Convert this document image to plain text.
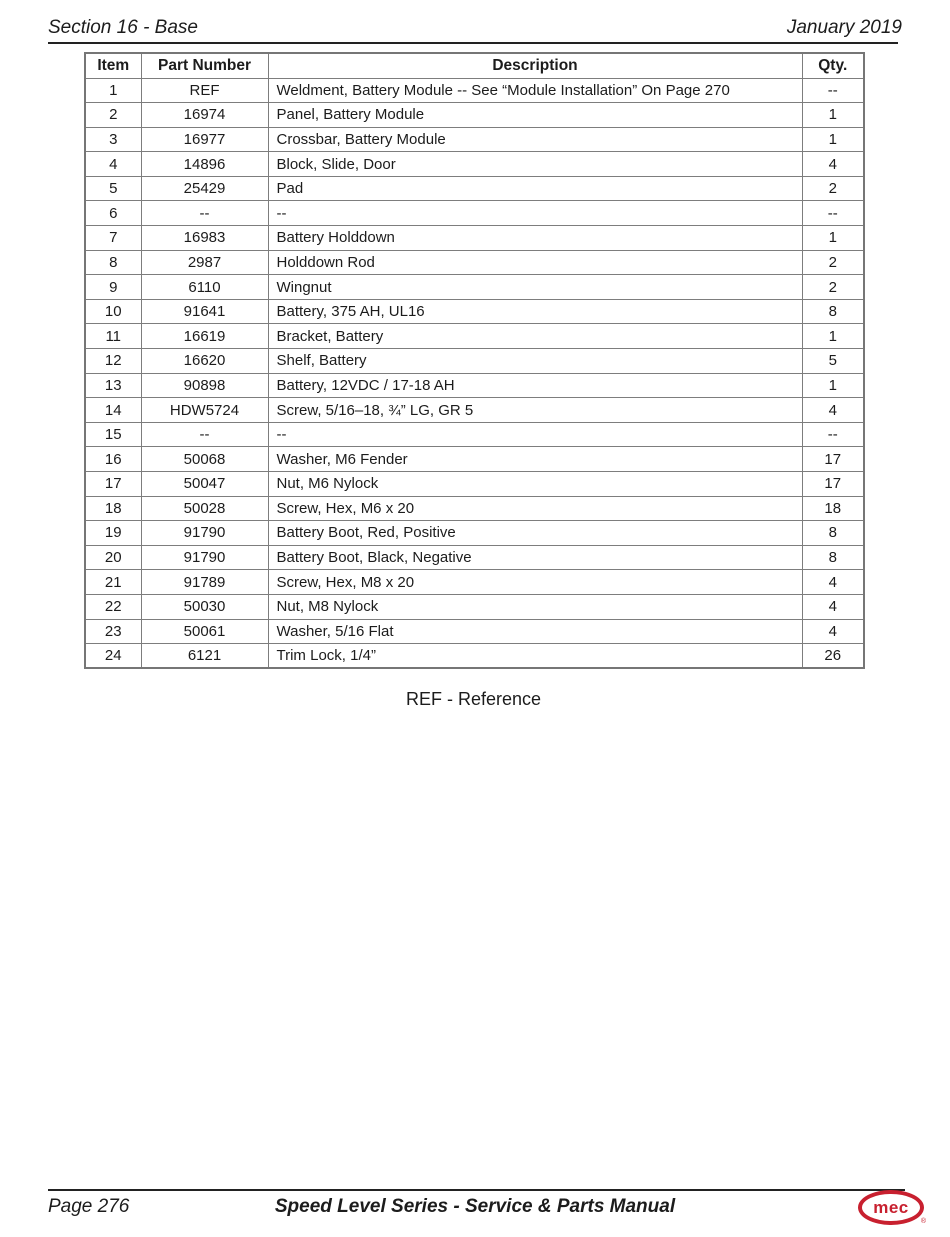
Section 16 - Base	January 2019
Item	Part Number	Description	Qty.
1	REF	Weldment, Battery Module -- See “Module Installation” On Page 270	--
2	16974	Panel, Battery Module	1
3	16977	Crossbar, Battery Module	1
4	14896	Block, Slide, Door	4
5	25429	Pad	2
6	--	--	--
7	16983	Battery Holddown	1
8	2987	Holddown Rod	2
9	6110	Wingnut	2
10	91641	Battery, 375 AH, UL16	8
11	16619	Bracket, Battery	1
12	16620	Shelf, Battery	5
13	90898	Battery, 12VDC / 17-18 AH	1
14	HDW5724	Screw, 5/16–18, ¾” LG, GR 5	4
15	--	--	--
16	50068	Washer, M6 Fender	17
17	50047	Nut, M6 Nylock	17
18	50028	Screw, Hex, M6 x 20	18
19	91790	Battery Boot, Red, Positive	8
20	91790	Battery Boot, Black, Negative	8
21	91789	Screw, Hex, M8 x 20	4
22	50030	Nut, M8 Nylock	4
23	50061	Washer, 5/16 Flat	4
24	6121	Trim Lock, 1/4”	26
REF - Reference
Page 276	Speed Level Series - Service & Parts Manual	mec
®
